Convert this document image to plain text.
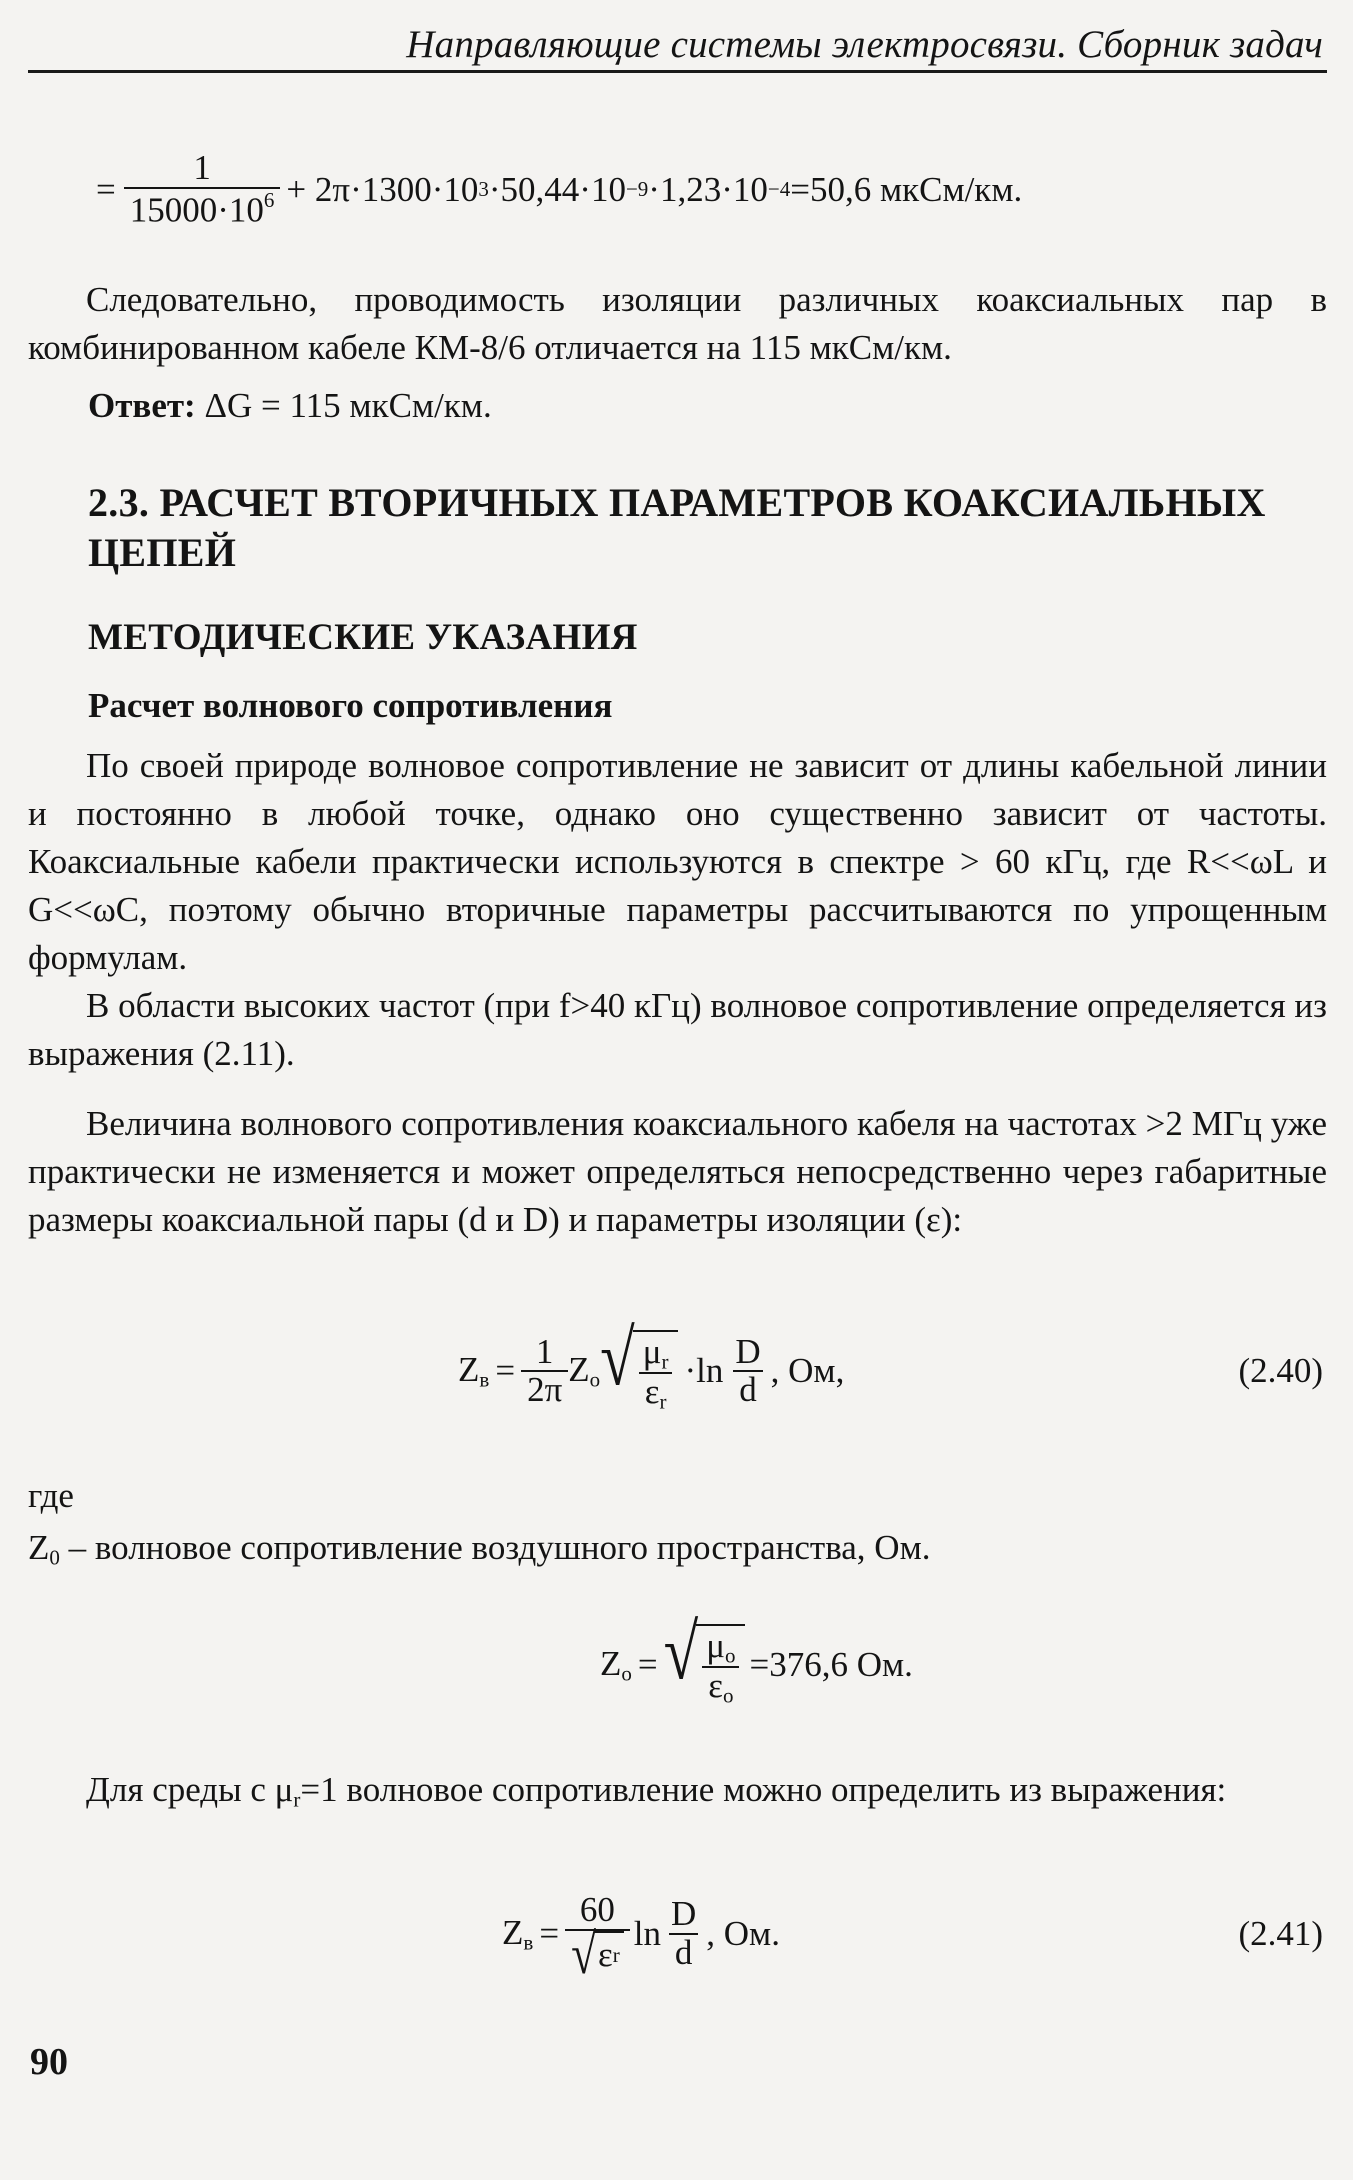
Направляющие системы электросвязи. Сборник задач
= $\frac{1}{15000\cdot 10^6} + 2\pi\cdot 1300\cdot 10$ 3 ·50,44·10 −9 ·1,23·10 −4 =50,6 мкСм/км.
Следовательно, проводимость изоляции различных коаксиальных пар в комбинированном кабеле КМ-8/6 отличается на 115 мкСм/км.
Ответ: ΔG = 115 мкСм/км.
2.3. РАСЧЕТ ВТОРИЧНЫХ ПАРАМЕТРОВ КОАКСИАЛЬНЫХ ЦЕПЕЙ
МЕТОДИЧЕСКИЕ УКАЗАНИЯ
Расчет волнового сопротивления
По своей природе волновое сопротивление не зависит от длины кабельной линии и постоянно в любой точке, однако оно существенно зависит от частоты. Коаксиальные кабели практически используются в спектре > 60 кГц, где R<<ωL и G<<ωC, поэтому обычно вторичные параметры рассчитываются по упрощенным формулам.
В области высоких частот (при f>40 кГц) волновое сопротивление определяется из выражения (2.11).
Величина волнового сопротивления коаксиального кабеля на частотах >2 МГц уже практически не изменяется и может определяться непосредственно через габаритные размеры коаксиальной пары (d и D) и параметры изоляции (ε):
$Z_в = \frac{1}{2\pi} Z_о$ √ $\frac{\mu_r}{\varepsilon_r} \cdot\ln \frac{D}{d}$ , Ом,	(2.40)
где
$Z_0$ – волновое сопротивление воздушного пространства, Ом.
$Z_о$ = √ $\frac{\mu_о}{\varepsilon_о} =376,6$ Ом.
Для среды с $\mu_r=1$ волновое сопротивление можно определить из выражения:
$Z_в = \frac{60}{\text{√ ε r}}$ $\ln \frac{D}{d}$ , Ом.	(2.41)
90
